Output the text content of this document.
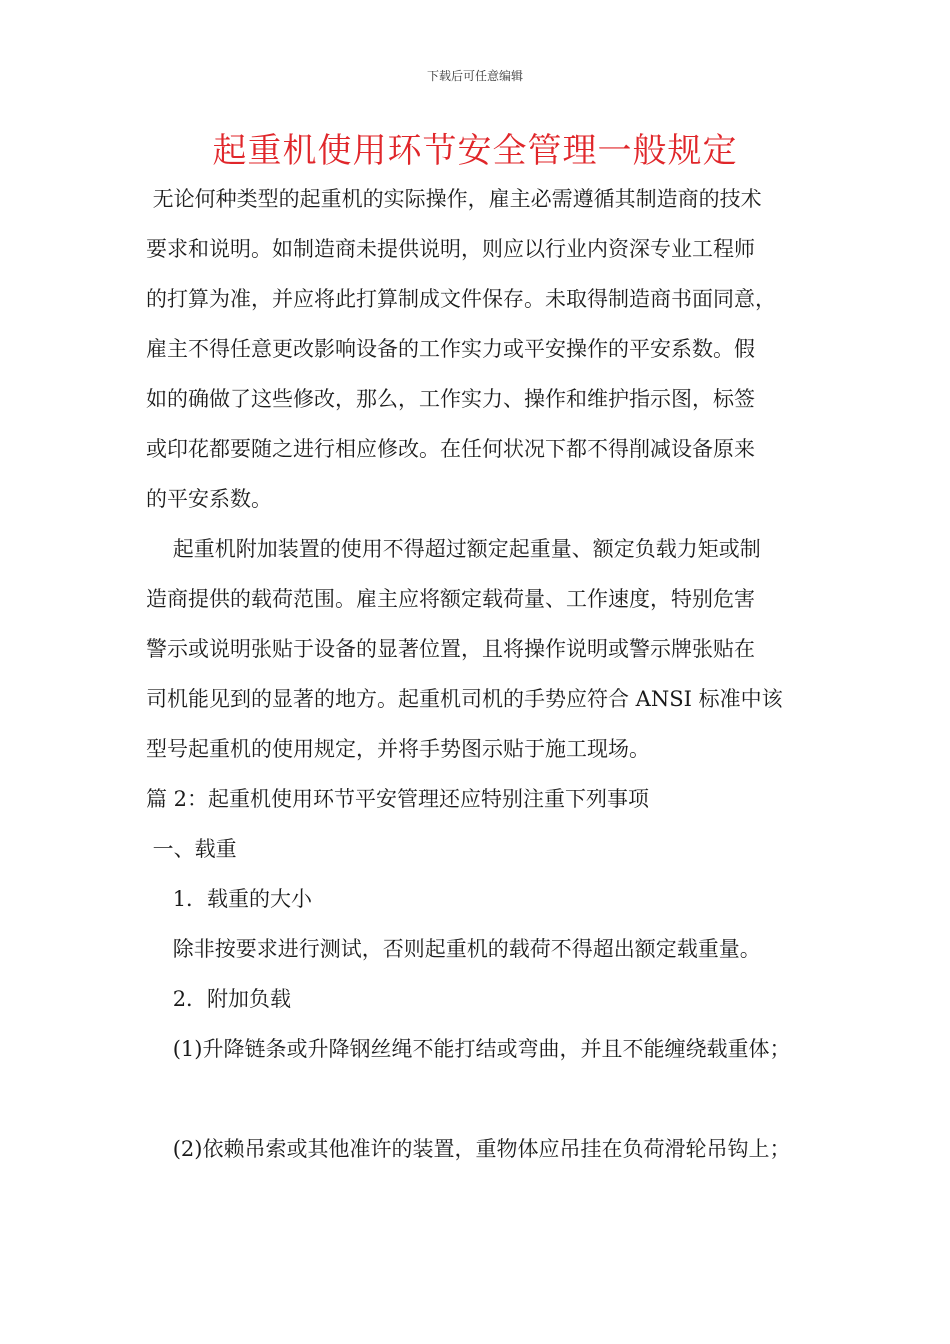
下载后可任意编辑
起重机使用环节安全管理一般规定
无论何种类型的起重机的实际操作，雇主必需遵循其制造商的技术
要求和说明。如制造商未提供说明，则应以行业内资深专业工程师
的打算为准，并应将此打算制成文件保存。未取得制造商书面同意，
雇主不得任意更改影响设备的工作实力或平安操作的平安系数。假
如的确做了这些修改，那么，工作实力、操作和维护指示图，标签
或印花都要随之进行相应修改。在任何状况下都不得削减设备原来
的平安系数。
起重机附加装置的使用不得超过额定起重量、额定负载力矩或制
造商提供的载荷范围。雇主应将额定载荷量、工作速度，特别危害
警示或说明张贴于设备的显著位置，且将操作说明或警示牌张贴在
司机能见到的显著的地方。起重机司机的手势应符合 ANSI 标准中该
型号起重机的使用规定，并将手势图示贴于施工现场。
篇 2：起重机使用环节平安管理还应特别注重下列事项
一、载重
1．载重的大小
除非按要求进行测试，否则起重机的载荷不得超出额定载重量。
2．附加负载
(1)升降链条或升降钢丝绳不能打结或弯曲，并且不能缠绕载重体；
(2)依赖吊索或其他准许的装置，重物体应吊挂在负荷滑轮吊钩上；
